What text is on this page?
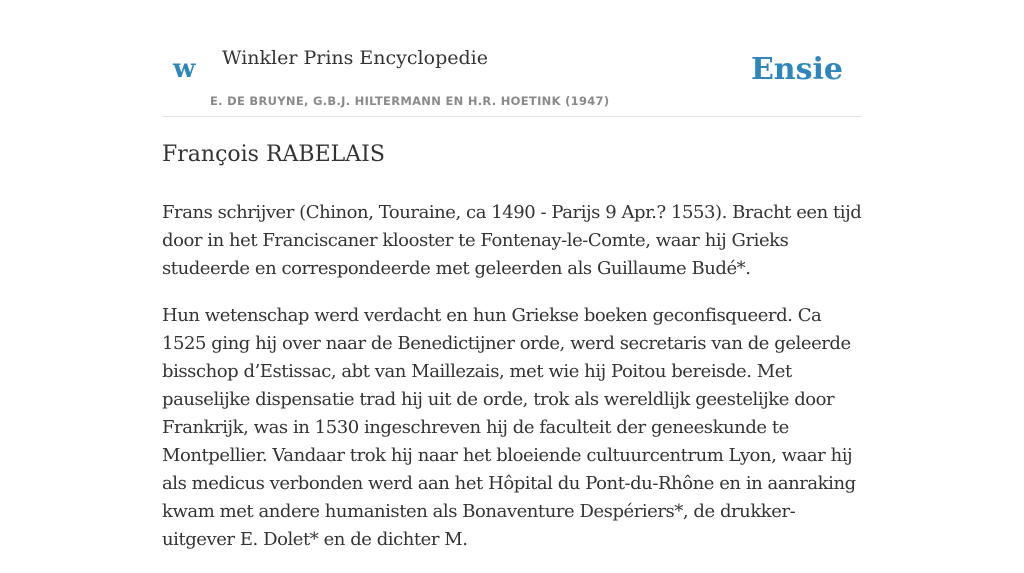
w Winkler Prins Encyclopedie
E. DE BRUYNE, G.B.J. HILTERMANN EN H.R. HOETINK (1947)
Ensie
François RABELAIS

Frans schrijver (Chinon, Touraine, ca 1490 - Parijs 9 Apr.? 1553). Bracht een tijd door in het Franciscaner klooster te Fontenay-le-Comte, waar hij Grieks studeerde en correspondeerde met geleerden als Guillaume Budé*.

Hun wetenschap werd verdacht en hun Griekse boeken geconfisqueerd. Ca 1525 ging hij over naar de Benedictijner orde, werd secretaris van de geleerde bisschop d’Estissac, abt van Maillezais, met wie hij Poitou bereisde. Met pauselijke dispensatie trad hij uit de orde, trok als wereldlijk geestelijke door Frankrijk, was in 1530 ingeschreven hij de faculteit der geneeskunde te Montpellier. Vandaar trok hij naar het bloeiende cultuurcentrum Lyon, waar hij als medicus verbonden werd aan het Hôpital du Pont-du-Rhône en in aanraking kwam met andere humanisten als Bonaventure Despériers*, de drukker-uitgever E. Dolet* en de dichter M.
